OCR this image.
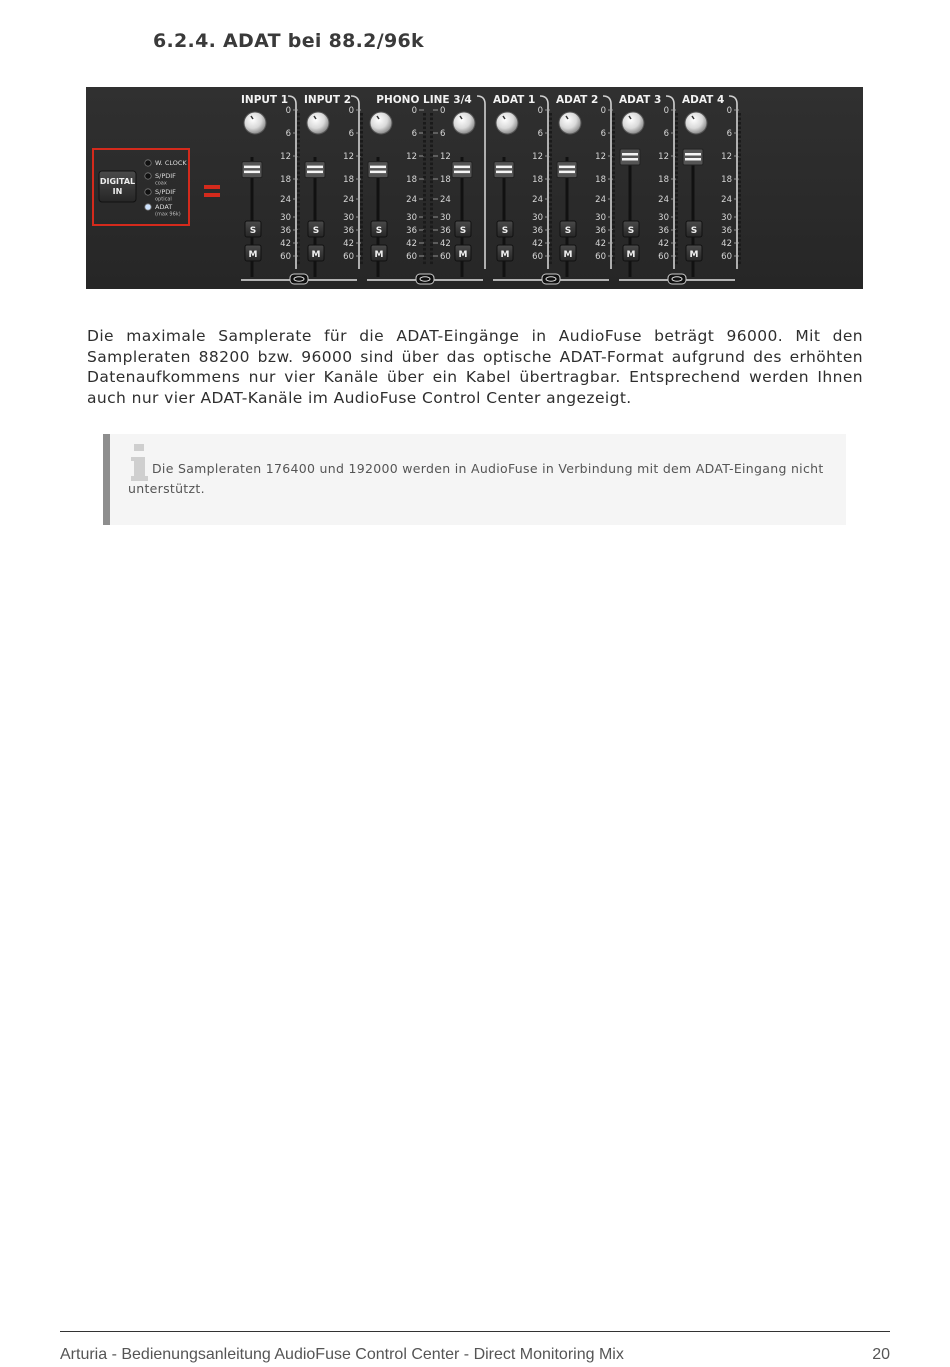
6.2.4. ADAT bei 88.2/96k
DIGITAL
IN
W. CLOCK
S/PDIF
coax
S/PDIF
optical
ADAT
(max 96k)
INPUT 1
S
M
0
6
12
18
24
30
36
42
60
INPUT 2
S
M
0
6
12
18
24
30
36
42
60
PHONO LINE 3/4
S
M
0
6
12
18
24
30
36
42
60
S
M
0
6
12
18
24
30
36
42
60
ADAT 1
S
M
0
6
12
18
24
30
36
42
60
ADAT 2
S
M
0
6
12
18
24
30
36
42
60
ADAT 3
S
M
0
6
12
18
24
30
36
42
60
ADAT 4
S
M
0
6
12
18
24
30
36
42
60

Die maximale Samplerate für die ADAT-Eingänge in AudioFuse beträgt 96000. Mit den Sampleraten 88200 bzw. 96000 sind über das optische ADAT-Format aufgrund des erhöhten Datenaufkommens nur vier Kanäle über ein Kabel übertragbar. Entsprechend werden Ihnen auch nur vier ADAT-Kanäle im AudioFuse Control Center angezeigt.

Die Sampleraten 176400 und 192000 werden in AudioFuse in Verbindung mit dem ADAT-Eingang nicht unterstützt.

Arturia - Bedienungsanleitung AudioFuse Control Center - Direct Monitoring Mix	20
